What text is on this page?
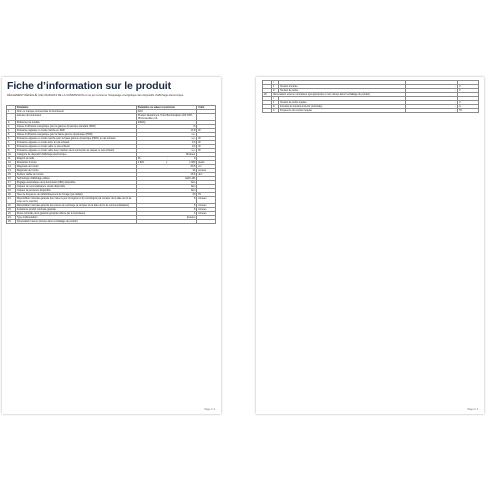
Fiche d’information sur le produit
RÈGLEMENT DÉLÉGUÉ (UE) 2019/2013 DE LA COMMISSION en ce qui concerne l’étiquetage énergétique des dispositifs d’affichage électronique
	Paramètre	Paramètre ou valeur et précision	Unité
1.	Nom ou marque commerciale du fournisseur	AOC	
	Adresse du fournisseur	Product Department, Prins Bernhardplein 200 1097, JB Amsterdam, NL	
2.	Référence du modèle	24N2Q	
3.	Classe d’efficacité énergétique pour la gamme dynamique standard (SDR)	D	
4.	Puissance appelée en mode marche en SDR	13,9	W
5.	Classe d’efficacité énergétique pour la haute gamme dynamique (HDR)	s.o.	
6.	Puissance appelée en mode marche pour la haute gamme dynamique (HDR), le cas échéant	s.o.	W
7.	Puissance appelée en mode arrêt, le cas échéant	0,3	W
8.	Puissance appelée en mode veille, le cas échéant	0,3	W
9.	Puissance appelée en mode veille avec maintien de la connexion au réseau, le cas échéant	s.o.	W
10.	Catégorie de dispositif d’affichage électronique	Moniteur	
11.	Rapport de taille	16 : 9	

12.	Résolution d’écran	1 920 x 1 080	pixels
13.	Diagonale de l’écran	60,5	cm
14.	Diagonale de l’écran	24	pouces
15.	Surface visible de l’écran	15,6	dm²
16.	Technologie d’affichage utilisée	LED LCD	
17.	Réglage automatique de la luminosité (ABC) disponible	Non	
18.	Capteur de reconnaissance vocale disponible	Non	
19.	Capteur de présence disponible	Non	
20.	Taux de fréquence de rafraîchissement de l’image (par défaut)	60	Hz
21.	Disponibilité minimale garantie des mises à jour du logiciel et du micrologiciel (à compter de la date de fin de mise sur le marché)	8	Années
22.	Disponibilité minimale garantie des pièces de rechange (à compter de la date de fin de commercialisation)	8	Années
23.	Assistance produit minimale garantie	8	Années
24.	Durée minimale de la garantie générale offerte par le fournisseur	3	Années
24.	Type d’alimentation	Externe	
25.	Alimentation interne (incluse dans l’emballage du produit)		
Page 1 / 2
	i			
	ii	Tension d’entrée	-	V
	iii	Tension de sortie	-	V
26.	Alimentation externe normalisée (qui appropriée si non incluse dans l’emballage du produit)			
	i			
	ii	Tension de sortie requise	-	V
	iii	Intensité du courant à fournir (minimale)	-	A
	iv	Fréquence du courant requise	-	Hz
Page 2 / 2
